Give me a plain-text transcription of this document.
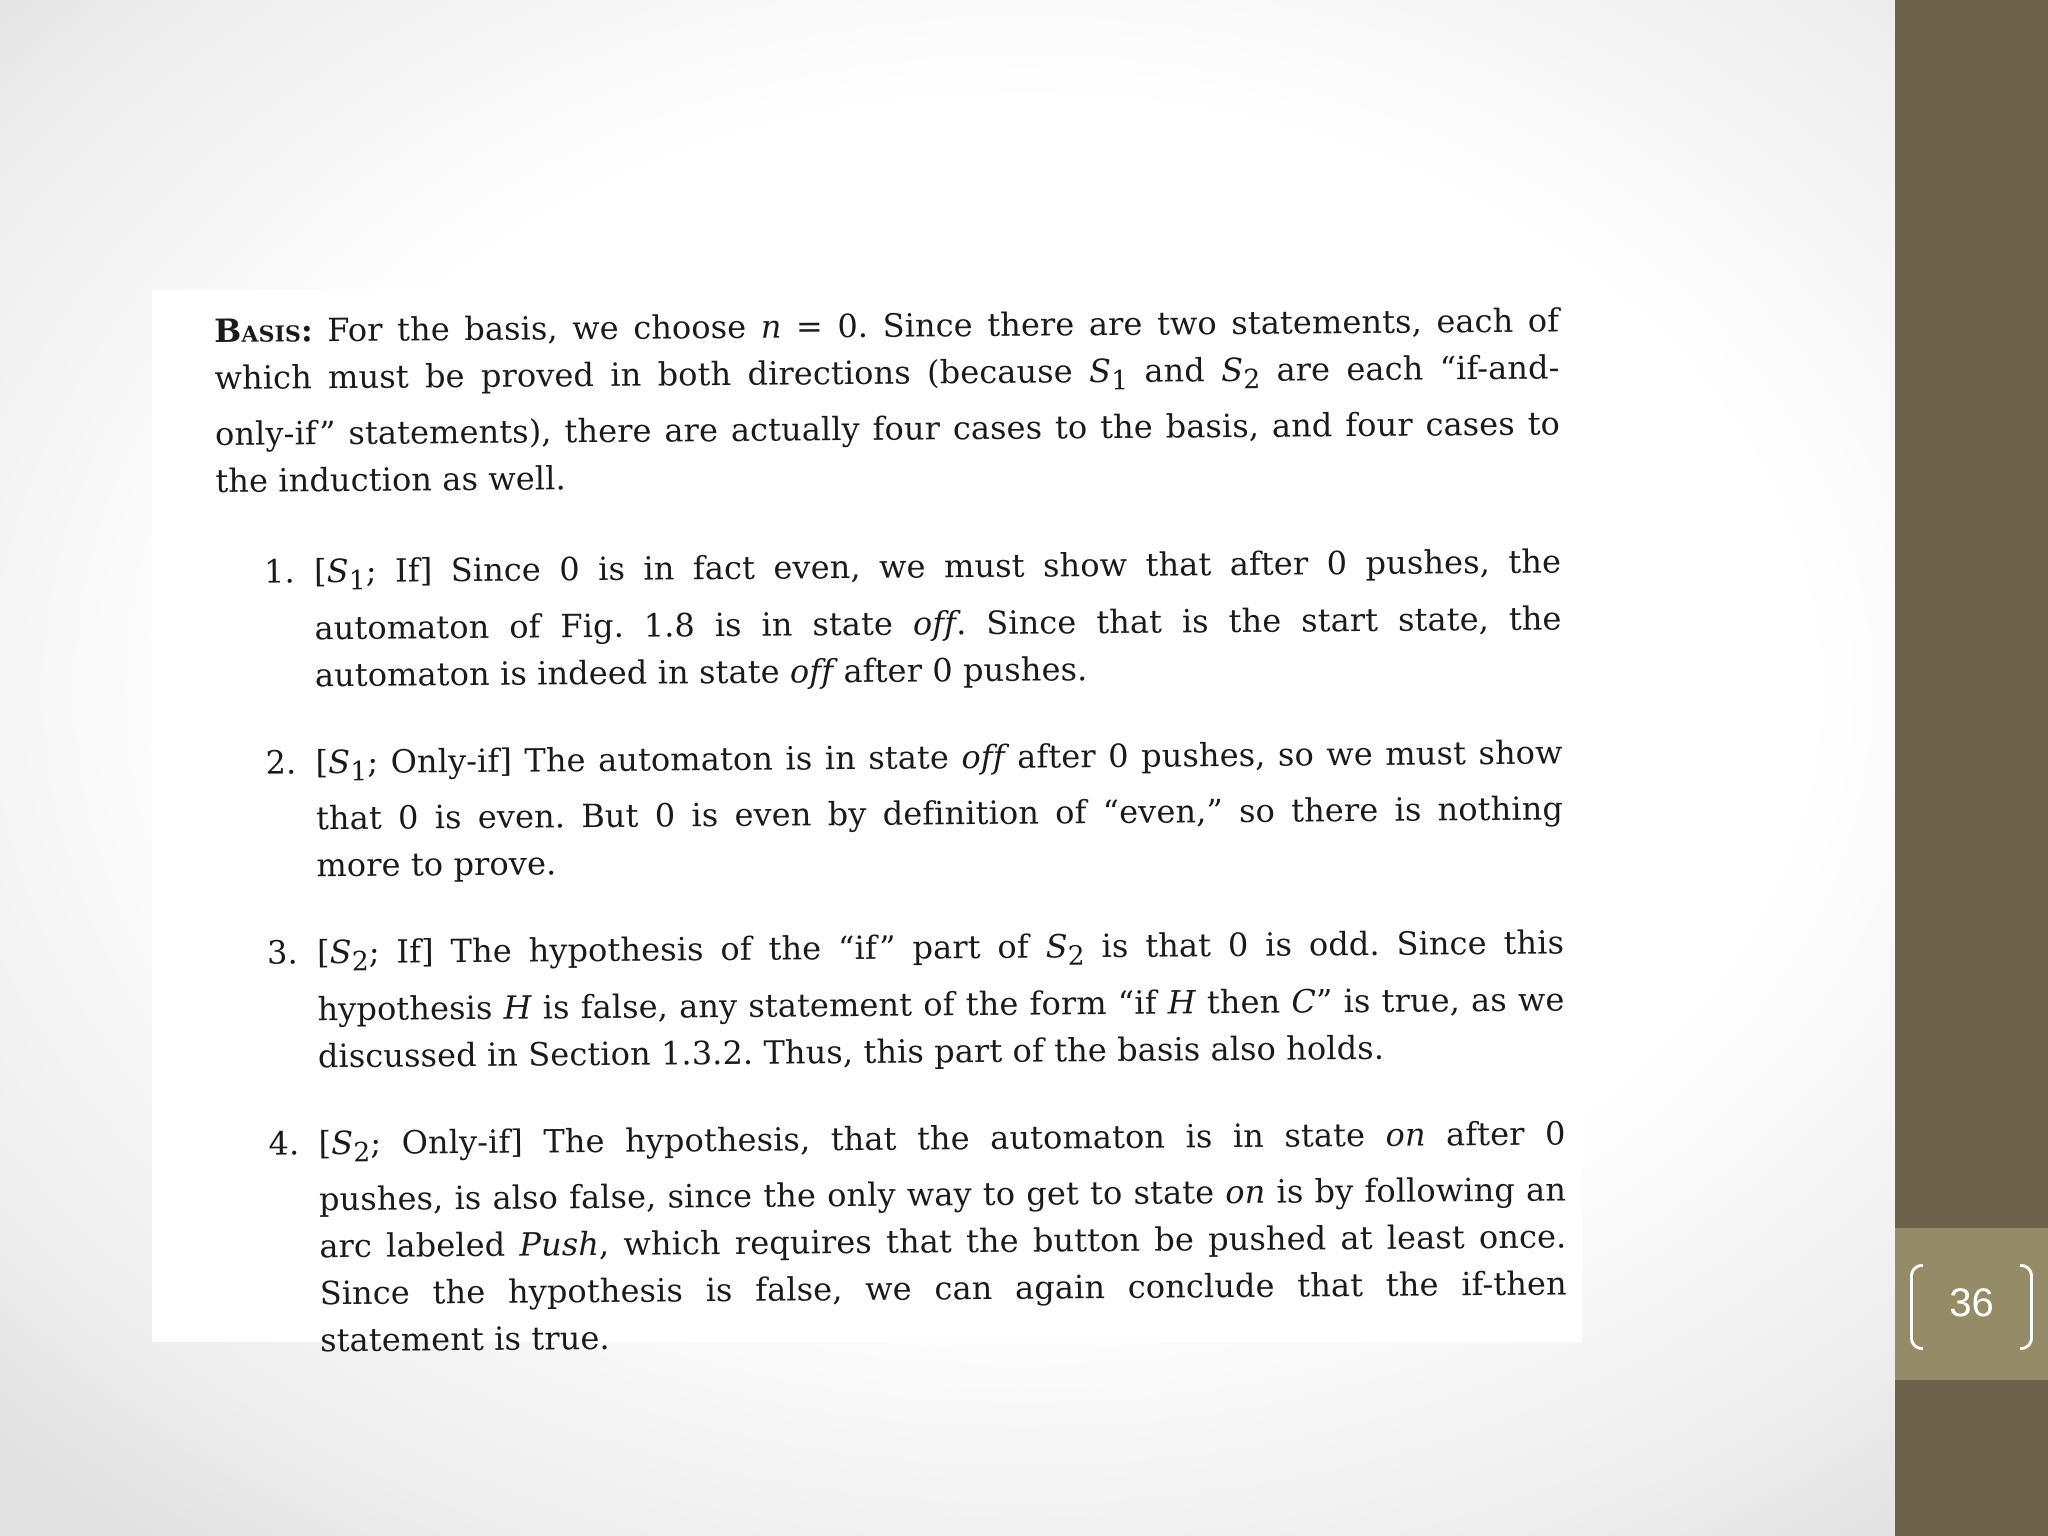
Basis: For the basis, we choose n = 0. Since there are two statements, each of which must be proved in both directions (because $S_1$ and $S_2$ are each “if-and-only-if” statements), there are actually four cases to the basis, and four cases to the induction as well.

1. [$S_1$; If] Since 0 is in fact even, we must show that after 0 pushes, the automaton of Fig. 1.8 is in state off. Since that is the start state, the automaton is indeed in state off after 0 pushes.
2. [$S_1$; Only-if] The automaton is in state off after 0 pushes, so we must show that 0 is even. But 0 is even by definition of “even,” so there is nothing more to prove.
3. [$S_2$; If] The hypothesis of the “if” part of $S_2$ is that 0 is odd. Since this hypothesis H is false, any statement of the form “if H then C” is true, as we discussed in Section 1.3.2. Thus, this part of the basis also holds.
4. [$S_2$; Only-if] The hypothesis, that the automaton is in state on after 0 pushes, is also false, since the only way to get to state on is by following an arc labeled Push, which requires that the button be pushed at least once. Since the hypothesis is false, we can again conclude that the if-then statement is true.
36
